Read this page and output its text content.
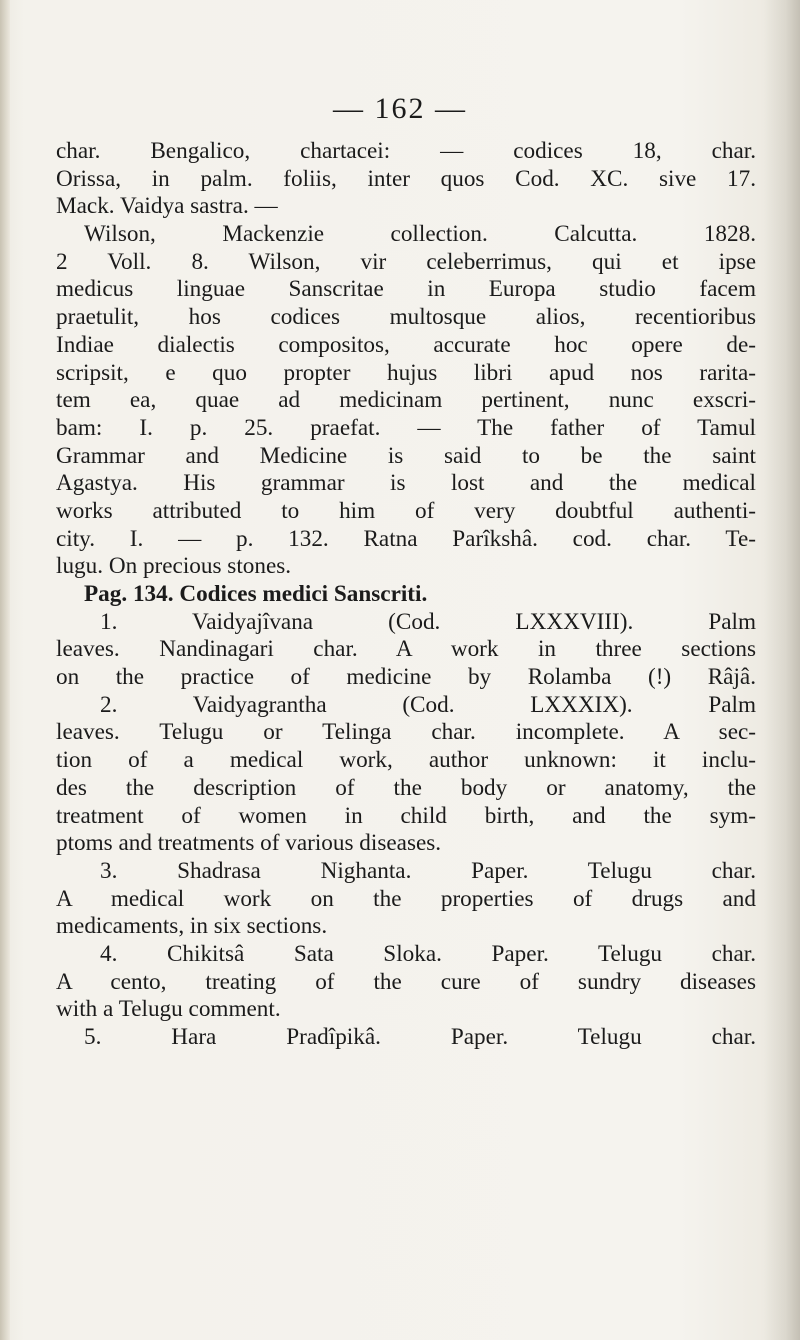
— 162 —
char. Bengalico, chartacei: — codices 18, char.
Orissa, in palm. foliis, inter quos Cod. XC. sive 17.
Mack. Vaidya sastra. —
Wilson, Mackenzie collection. Calcutta. 1828.
2 Voll. 8. Wilson, vir celeberrimus, qui et ipse
medicus linguae Sanscritae in Europa studio facem
praetulit, hos codices multosque alios, recentioribus
Indiae dialectis compositos, accurate hoc opere de-
scripsit, e quo propter hujus libri apud nos rarita-
tem ea, quae ad medicinam pertinent, nunc exscri-
bam: I. p. 25. praefat. — The father of Tamul
Grammar and Medicine is said to be the saint
Agastya. His grammar is lost and the medical
works attributed to him of very doubtful authenti-
city. I. — p. 132. Ratna Parîkshâ. cod. char. Te-
lugu. On precious stones.
Pag. 134. Codices medici Sanscriti.
1. Vaidyajîvana (Cod. LXXXVIII). Palm
leaves. Nandinagari char. A work in three sections
on the practice of medicine by Rolamba (!) Râjâ.
2. Vaidyagrantha (Cod. LXXXIX). Palm
leaves. Telugu or Telinga char. incomplete. A sec-
tion of a medical work, author unknown: it inclu-
des the description of the body or anatomy, the
treatment of women in child birth, and the sym-
ptoms and treatments of various diseases.
3. Shadrasa Nighanta. Paper. Telugu char.
A medical work on the properties of drugs and
medicaments, in six sections.
4. Chikitsâ Sata Sloka. Paper. Telugu char.
A cento, treating of the cure of sundry diseases
with a Telugu comment.
5. Hara Pradîpikâ. Paper. Telugu char.
